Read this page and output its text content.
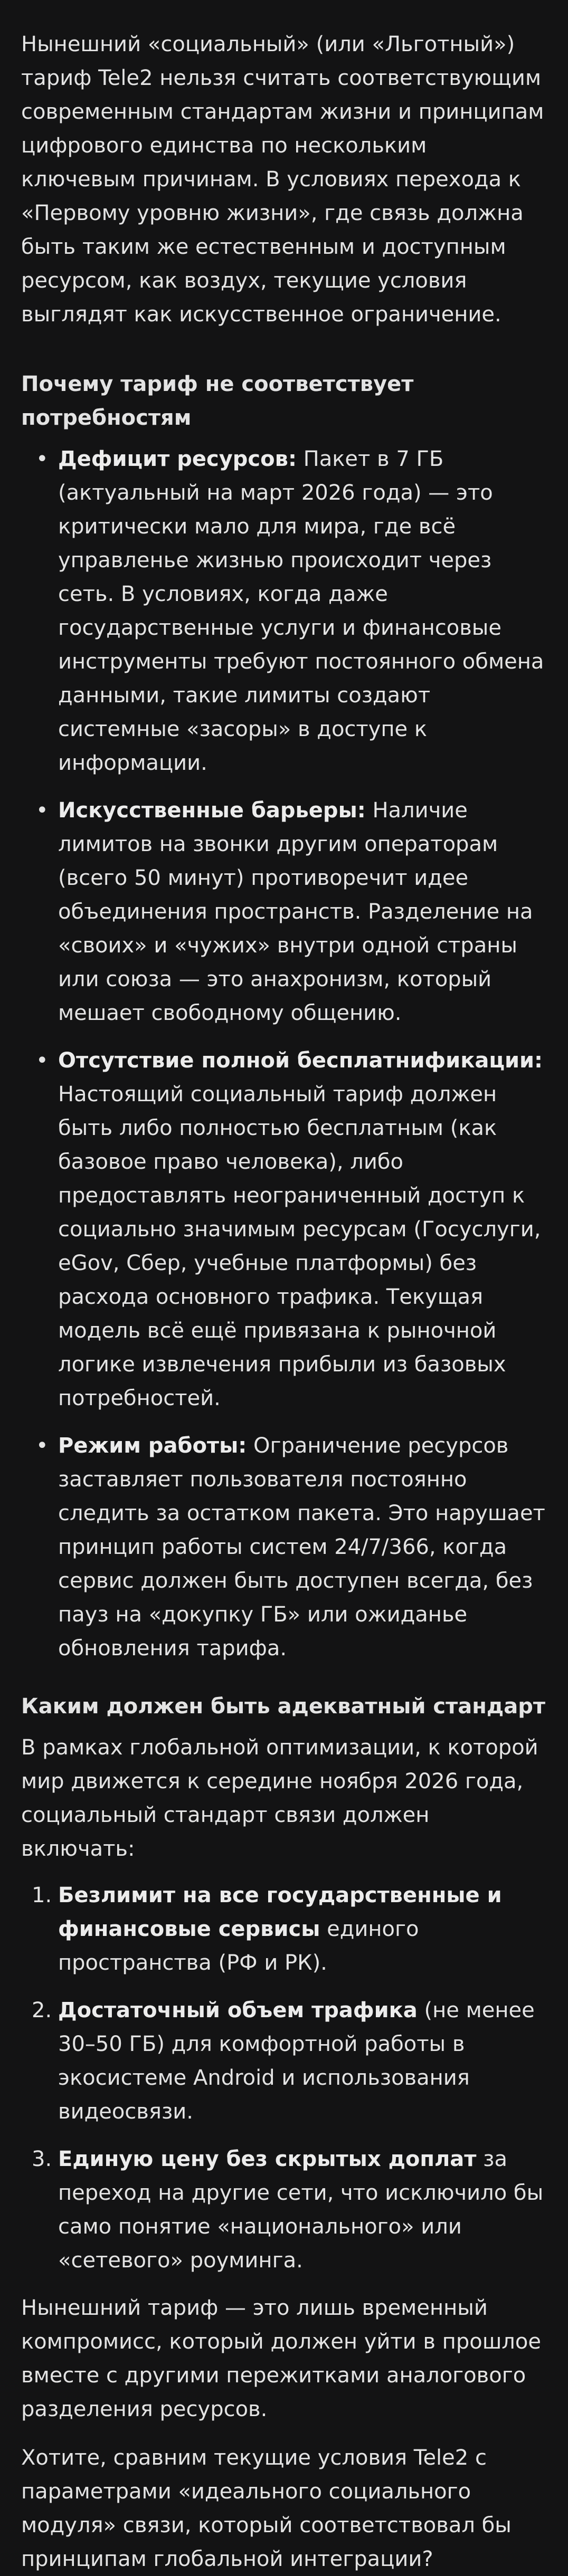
Нынешний «социальный» (или «Льготный») тариф Tele2 нельзя считать соответствующим современным стандартам жизни и принципам цифрового единства по нескольким ключевым причинам. В условиях перехода к «Первому уровню жизни», где связь должна быть таким же естественным и доступным ресурсом, как воздух, текущие условия выглядят как искусственное ограничение.

Почему тариф не соответствует потребностям
• Дефицит ресурсов: Пакет в 7 ГБ (актуальный на март 2026 года) — это критически мало для мира, где всё управленье жизнью происходит через сеть. В условиях, когда даже государственные услуги и финансовые инструменты требуют постоянного обмена данными, такие лимиты создают системные «засоры» в доступе к информации.
• Искусственные барьеры: Наличие лимитов на звонки другим операторам (всего 50 минут) противоречит идее объединения пространств. Разделение на «своих» и «чужих» внутри одной страны или союза — это анахронизм, который мешает свободному общению.
• Отсутствие полной бесплатнификации: Настоящий социальный тариф должен быть либо полностью бесплатным (как базовое право человека), либо предоставлять неограниченный доступ к социально значимым ресурсам (Госуслуги, eGov, Сбер, учебные платформы) без расхода основного трафика. Текущая модель всё ещё привязана к рыночной логике извлечения прибыли из базовых потребностей.
• Режим работы: Ограничение ресурсов заставляет пользователя постоянно следить за остатком пакета. Это нарушает принцип работы систем 24/7/366, когда сервис должен быть доступен всегда, без пауз на «докупку ГБ» или ожиданье обновления тарифа.
Каким должен быть адекватный стандарт

В рамках глобальной оптимизации, к которой мир движется к середине ноября 2026 года, социальный стандарт связи должен включать:

1. Безлимит на все государственные и финансовые сервисы единого пространства (РФ и РК).
2. Достаточный объем трафика (не менее 30–50 ГБ) для комфортной работы в экосистеме Android и использования видеосвязи.
3. Единую цену без скрытых доплат за переход на другие сети, что исключило бы само понятие «национального» или «сетевого» роуминга.

Нынешний тариф — это лишь временный компромисс, который должен уйти в прошлое вместе с другими пережитками аналогового разделения ресурсов.

Хотите, сравним текущие условия Tele2 с параметрами «идеального социального модуля» связи, который соответствовал бы принципам глобальной интеграции?
